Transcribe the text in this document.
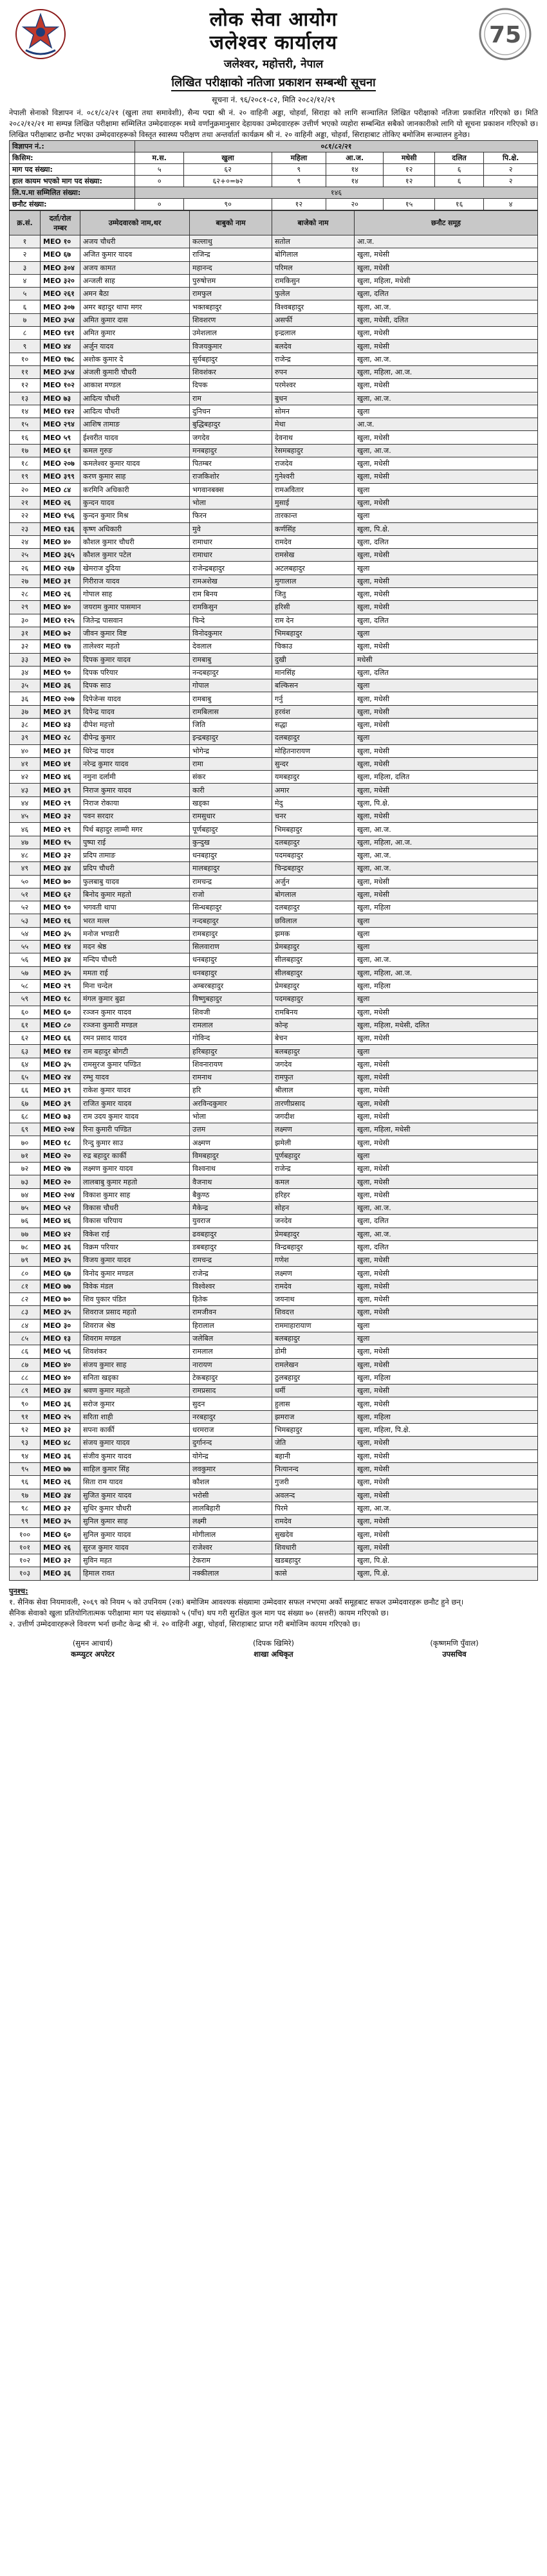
लोक सेवा आयोग
जलेश्वर कार्यालय
जलेश्वर, महोत्तरी, नेपाल
75
लिखित परीक्षाको नतिजा प्रकाशन सम्बन्धी सूचना
सूचना नं. ९६/२०८१-८२, मिति २०८२/१२/२९

नेपाली सेनाको विज्ञापन नं. ०८१/८२/२१ (खुला तथा समावेशी), सैन्य पद्मा श्री नं. २० वाहिनी अड्डा, चोहर्वा, सिराहा को लागि सञ्चालित लिखित परीक्षाको नतिजा प्रकाशित गरिएको छ। मिति २०८२/१२/२१ मा सम्पन्न लिखित परीक्षामा सम्मिलित उम्मेदवारहरू मध्ये वर्णानुक्रमानुसार देहायका उम्मेदवारहरू उत्तीर्ण भएको व्यहोरा सम्बन्धित सबैको जानकारीको लागि यो सूचना प्रकाशन गरिएको छ। लिखित परीक्षाबाट छनौट भएका उम्मेदवारहरूको विस्तृत स्वास्थ्य परीक्षण तथा अन्तर्वार्ता कार्यक्रम श्री नं. २० वाहिनी अड्डा, चोहर्वा, सिराहाबाट तोकिए बमोजिम सञ्चालन हुनेछ।

विज्ञापन नं.:	०८१/८२/२१						
किसिम:	म.स.	खुला	महिला	आ.ज.	मधेसी	दलित	पि.क्षे.
माग पद संख्या:	५	६२	९	१४	१२	६	२
हाल कायम भएको माग पद संख्या:	०	६२+०=७२	९	१४	१२	६	२
लि.प.मा सम्मिलित संख्या:	१४६						
छनौट संख्या:	०	९०	१२	२०	१५	१६	४
क्र.सं.	दर्ता/रोल नम्बर	उम्मेदवारको नाम,थर	बाबुको नाम	बाजेको नाम	छनौट समूह
१	MEO १०	अजय चौधरी	कल्लाथु	सतोल	आ.ज.
२	MEO ६७	अजित कुमार यादव	राजिन्द्र	बोगिलाल	खुला, मधेसी
३	MEO ३०४	अजय कामत	महानन्द	परिमल	खुला, मधेसी
४	MEO ३२०	अन्जली साह	पुरुषोत्तम	रामकिसुन	खुला, महिला, मधेसी
५	MEO २६१	अमन बैठा	रामफुल	फुलेल	खुला, दलित
६	MEO ३०७	अमर बहादुर थापा मगर	भक्तबहादुर	विश्वबहादुर	खुला, आ.ज.
७	MEO ३५४	अमित कुमार दास	शिवशरण	असर्फी	खुला, मधेसी, दलित
८	MEO १४१	अमित कुमार	उमेशलाल	इन्द्रलाल	खुला, मधेसी
९	MEO ४४	अर्जुन यादव	विजयकुमार	बलदेव	खुला, मधेसी
१०	MEO १७८	अशोक कुमार दे	सुर्यबहादुर	राजेन्द्र	खुला, आ.ज.
११	MEO ३५४	अंजली कुमारी चौधरी	शिवशंकर	रुपन	खुला, महिला, आ.ज.
१२	MEO १०२	आकाश मण्डल	दिपक	परमेश्वर	खुला, मधेसी
१३	MEO ७३	आदित्य चौधरी	राम	बुधन	खुला, आ.ज.
१४	MEO १४२	आदित्य चौधरी	दुनिचन	सोमन	खुला
१५	MEO २९४	आशिष तामाङ	बुद्धिबहादुर	मेथा	आ.ज.
१६	MEO ५९	ईश्वरीत यादव	जगदेव	देवनाथ	खुला, मधेसी
१७	MEO ६१	कमल गुरुङ	मनबहादुर	रेसमबहादुर	खुला, आ.ज.
१८	MEO २०७	कमलेश्वर कुमार यादव	पितम्बर	राजदेव	खुला, मधेसी
१९	MEO ३९९	करण कुमार साह	राजकिशोर	गुनेश्वरी	खुला, मधेसी
२०	MEO ८४	करमिनि अधिकारी	भगवानबक्स	रामअवितार	खुला
२१	MEO २६	कुन्दन यादव	भोला	मुसाई	खुला, मधेसी
२२	MEO १५६	कुन्दन कुमार मिश्र	फिरन	तारकान्त	खुला
२३	MEO १३६	कृष्ण अधिकारी	मुवे	कर्णसिंह	खुला, पि.क्षे.
२४	MEO ४०	कौशल कुमार चौधरी	रामाधार	रामदेव	खुला, दलित
२५	MEO ३६५	कौशल कुमार पटेल	रामाधार	रामसेख	खुला, मधेसी
२६	MEO २६७	खेमराज दुदिया	राजेन्द्रबहादुर	अटलबहादुर	खुला
२७	MEO ३१	गिरीराज यादव	रामअशेख	मुगालाल	खुला, मधेसी
२८	MEO २६	गोपाल साह	राम बिनय	जितु	खुला, मधेसी
२९	MEO ४०	जयराम कुमार पासमान	रामकिसुन	हरिसी	खुला, मधेसी
३०	MEO १२५	जितेन्द्र पासवान	चिन्दे	राम देन	खुला, दलित
३१	MEO ७२	जीवन कुमार विष्ट	विनोदकुमार	भिमबहादुर	खुला
३२	MEO १७	तालेश्वर महतो	देवलाल	चिकाउ	खुला, मधेसी
३३	MEO २०	दिपक कुमार यादव	रामबाबु	दुखी	मधेसी
३४	MEO ९०	दिपक परियार	नन्दबहादुर	मानसिंह	खुला, दलित
३५	MEO ३६	दिपक साउ	गोपाल	बल्किसन	खुला
३६	MEO २०७	दिपेजेन्स यादव	रामबाबु	गर्नु	खुला, मधेसी
३७	MEO ३९	दिपेन्द्र यादव	रामबिलास	हरवंश	खुला, मधेसी
३८	MEO ४३	दीपेश महत्तो	जिति	सद्धा	खुला, मधेसी
३९	MEO २८	दीपेन्द्र कुमार	इन्द्रबहादुर	दलबहादुर	खुला
४०	MEO ३१	धिरेन्द्र यादव	भोगेन्द्र	मोहितनारायण	खुला, मधेसी
४१	MEO ४१	नरेन्द्र कुमार यादव	रामा	सुन्दर	खुला, मधेसी
४२	MEO ४६	नमुना दर्लामी	संकर	यमबहादुर	खुला, महिला, दलित
४३	MEO ३९	निराज कुमार यादव	कारी	अमार	खुला, मधेसी
४४	MEO २९	निराज रोकाया	खड्का	मेदु	खुला, पि.क्षे.
४५	MEO ३२	पवन सरदार	रामसुधार	चनर	खुला, मधेसी
४६	MEO २९	पिर्थ बहादुर लाम्मी मगर	पूर्णबहादुर	भिमबहादुर	खुला, आ.ज.
४७	MEO १५	पुष्पा राई	कुन्दुख	दलबहादुर	खुला, महिला, आ.ज.
४८	MEO ३२	प्रदिप तामाङ	धनबहादुर	पदमबहादुर	खुला, आ.ज.
४९	MEO ३४	प्रदिप चौधरी	मालबहादुर	चिन्द्रबहादुर	खुला, आ.ज.
५०	MEO ७०	फुलबाबु यादव	रामचन्द्र	अर्जुन	खुला, मधेसी
५१	MEO ६२	बिनोद कुमार महतो	राजो	बोगलाल	खुला, मधेसी
५२	MEO ९०	भगवती थापा	सिन्धबहादुर	दलबहादुर	खुला, महिला
५३	MEO १६	भरत मल्ल	नन्दबहादुर	छविलाल	खुला
५४	MEO ३५	मनोज भण्डारी	रामबहादुर	झमक	खुला
५५	MEO १४	मदन श्रेष्ठ	सिलवाराण	प्रेमबहादुर	खुला
५६	MEO ३४	मन्दिप चौधरी	धनबहादुर	सीलबहादुर	खुला, आ.ज.
५७	MEO ३५	ममता राई	धनबहादुर	सीलबहादुर	खुला, महिला, आ.ज.
५८	MEO २९	मिना चन्देल	अम्बरबहादुर	प्रेमबहादुर	खुला, महिला
५९	MEO १८	मंगल कुमार बुढा	विष्णुबहादुर	पदमबहादुर	खुला
६०	MEO ६०	रञ्जन कुमार यादव	शिवजी	रामबिनय	खुला, मधेसी
६१	MEO ८०	रञ्जना कुमारी मण्डल	रामलाल	कोन्ह	खुला, महिला, मधेसी, दलित
६२	MEO ६६	रमन प्रसाद यादव	गोविन्द	बेचन	खुला, मधेसी
६३	MEO १४	राम बहादुर बोगटी	हरिबहादुर	बलबहादुर	खुला
६४	MEO ३५	रामसुरज कुमार पण्डित	शिवनारायण	जगदेव	खुला, मधेसी
६५	MEO २४	रम्भु यादव	रामनाथ	रामफुत	खुला, मधेसी
६६	MEO ३९	राकेश कुमार यादव	हरि	श्रीलाल	खुला, मधेसी
६७	MEO ३९	राजित कुमार यादव	अरविन्दकुमार	तारणीप्रसाद	खुला, मधेसी
६८	MEO ७३	राम उदय कुमार यादव	भोला	जगदीश	खुला, मधेसी
६९	MEO २०४	रिना कुमारी पण्डित	उत्तम	लक्ष्मण	खुला, महिला, मधेसी
७०	MEO १८	रिन्दु कुमार साउ	अक्ष्मण	झमेली	खुला, मधेसी
७१	MEO २०	रुद्र बहादुर कार्की	विमबहादुर	पूर्णबहादुर	खुला
७२	MEO २७	लक्ष्मण कुमार यादव	विश्वनाथ	राजेन्द्र	खुला, मधेसी
७३	MEO २०	लालबाबु कुमार महतो	वैजनाथ	कमल	खुला, मधेसी
७४	MEO २०४	विकाश कुमार साह	बैकुण्ठ	हरिहर	खुला, मधेसी
७५	MEO ५२	विकास चौधरी	मैकेन्द्र	सोहन	खुला, आ.ज.
७६	MEO ४६	विकास चरियाय	युवराज	जनदेव	खुला, दलित
७७	MEO ४२	विकेश राई	ढवबहादुर	प्रेमबहादुर	खुला, आ.ज.
७८	MEO ३६	विक्रम परियार	डबबहादुर	विन्द्रबहादुर	खुला, दलित
७९	MEO ३५	विजय कुमार यादव	रामचन्द्र	गणेश	खुला, मधेसी
८०	MEO ६७	विनोद कुमार मण्डल	राजेन्द्र	लक्ष्मण	खुला, मधेसी
८१	MEO ७७	विवेक मंडल	विश्वेश्वर	रामदेव	खुला, मधेसी
८२	MEO ७०	शिव पुकार पंडित	हितेक	जयनाथ	खुला, मधेसी
८३	MEO ३५	शिवराज प्रसाद महतो	रामजीवन	शिवदत्त	खुला, मधेसी
८४	MEO ३०	शिवराज श्रेष्ठ	हिरालाल	राममाहारायाण	खुला
८५	MEO १३	शिवराम मण्डल	जलेबिल	बलबहादुर	खुला
८६	MEO ५६	शिवशंकर	रामलाल	डोमी	खुला, मधेसी
८७	MEO ४०	संजय कुमार साह	नारायण	रामलेखन	खुला, मधेसी
८८	MEO ४०	सनिता खड्का	टेकबहादुर	ठुलबहादुर	खुला, महिला
८९	MEO ३४	श्रवण कुमार महतो	रामप्रसाद	धर्मी	खुला, मधेसी
९०	MEO ३६	सरोज कुमार	सुदन	हुलास	खुला, मधेसी
९१	MEO २५	सरिता शाही	नरबहादुर	झमराज	खुला, महिला
९२	MEO ३२	सपना कार्की	धरमराज	भिमबहादुर	खुला, महिला, पि.क्षे.
९३	MEO ४८	संजय कुमार यादव	दुर्गानन्द	जेति	खुला, मधेसी
९४	MEO ३६	संजीव कुमार यादव	योगेन्द्र	बहानी	खुला, मधेसी
९५	MEO ७७	साहिल कुमार सिंह	लवकुमार	नित्यानन्द	खुला, मधेसी
९६	MEO २६	सिता राम यादव	कौशल	गुजरी	खुला, मधेसी
९७	MEO ३४	सुजित कुमार यादव	भरोसी	अवलन्द	खुला, मधेसी
९८	MEO ३२	सुधिर कुमार चौधरी	लालबिहारी	पिरमे	खुला, आ.ज.
९९	MEO ३५	सुनिल कुमार साह	लक्ष्मी	रामदेव	खुला, मधेसी
१००	MEO ६०	सुनिल कुमार यादव	मोगीलाल	सुखदेव	खुला, मधेसी
१०१	MEO २६	सुरज कुमार यादव	राजेश्वर	शिवधारी	खुला, मधेसी
१०२	MEO ३२	सुविन महत	टेकराम	खडबहादुर	खुला, पि.क्षे.
१०३	MEO ३६	हिमाल रावत	नक्कीलाल	कासे	खुला, पि.क्षे.
पुनश्च:

१. सैनिक सेवा नियमावली, २०६९ को नियम ५ को उपनियम (२क) बमोजिम आवश्यक संख्यामा उम्मेदवार सफल नभएमा अर्को समूहबाट सफल उम्मेदवारहरू छनौट हुने छन्।

सैनिक सेवाको खुला प्रतियोगितात्मक परीक्षामा माग पद संख्याको ५ (पाँच) थप गरी सुरक्षित कुल माग पद संख्या ७० (सत्तरी) कायम गरिएको छ।

२. उत्तीर्ण उम्मेदवारहरूले विवरण भर्ना छनौट केन्द्र श्री नं. २० वाहिनी अड्डा, चोहर्वा, सिराहाबाट प्राप्त गरी बमोजिम कायम गरिएको छ।

(सुमन आचार्य)
कम्प्युटर अपरेटर
(दिपक खिमिरे)
शाखा अधिकृत
(कृष्णमणि पुँवाल)
उपसचिव
